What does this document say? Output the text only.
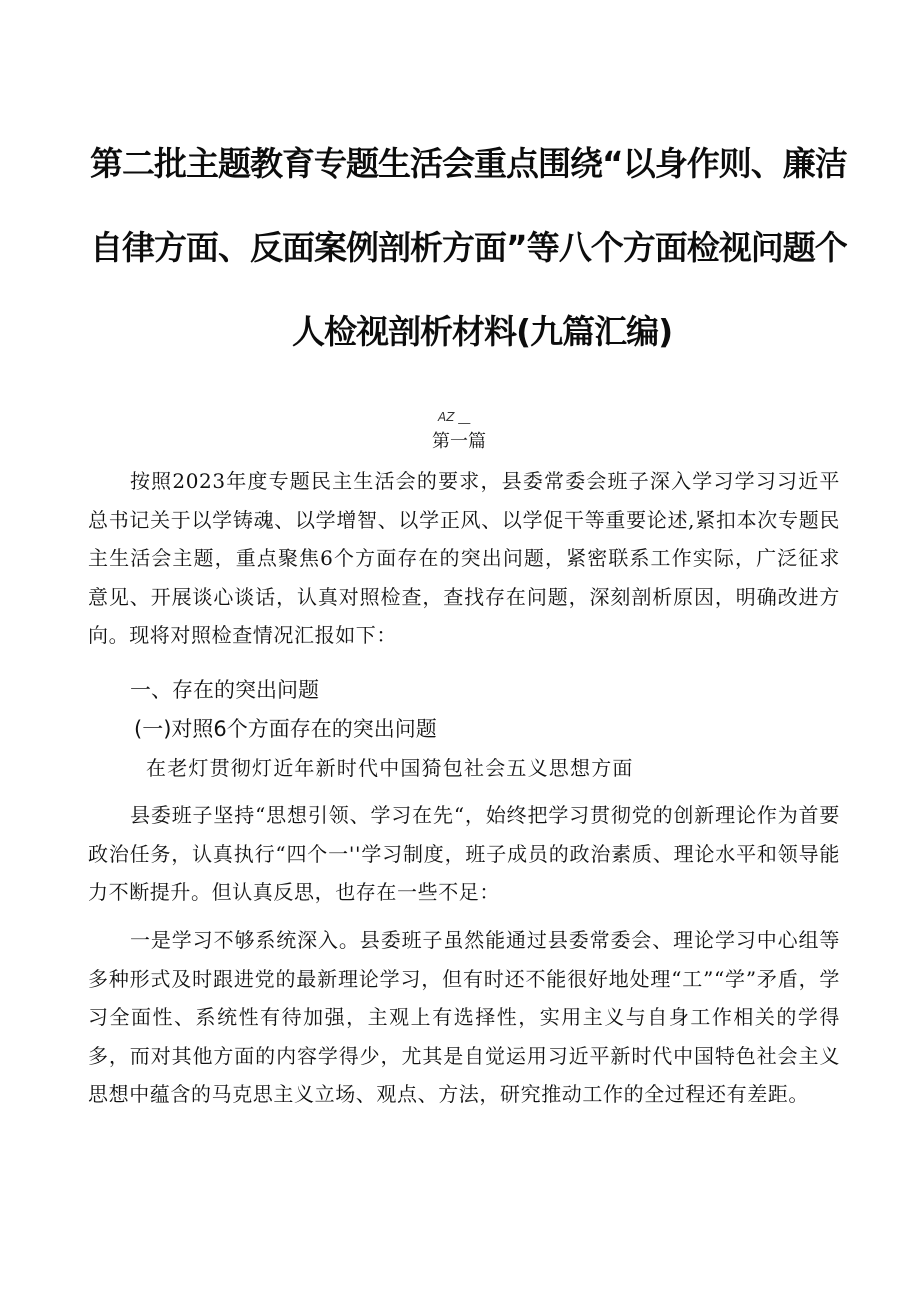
第二批主题教育专题生活会重点围绕“以身作则、廉洁
自律方面、反面案例剖析方面”等八个方面检视问题个
人检视剖析材料(九篇汇编)
AZ __
第一篇

按照2023年度专题民主生活会的要求，县委常委会班子深入学习学习习近平总书记关于以学铸魂、以学增智、以学正风、以学促干等重要论述,紧扣本次专题民主生活会主题，重点聚焦6个方面存在的突出问题，紧密联系工作实际，广泛征求意见、开展谈心谈话，认真对照检查，查找存在问题，深刻剖析原因，明确改进方向。现将对照检查情况汇报如下：

一、存在的突出问题
(一)对照6个方面存在的突出问题
在老灯贯彻灯近年新时代中国猗包社会五义思想方面

县委班子坚持“思想引领、学习在先“，始终把学习贯彻党的创新理论作为首要政治任务，认真执行“四个一''学习制度，班子成员的政治素质、理论水平和领导能力不断提升。但认真反思，也存在一些不足：

一是学习不够系统深入。县委班子虽然能通过县委常委会、理论学习中心组等多种形式及时跟进党的最新理论学习，但有时还不能很好地处理“工”“学”矛盾，学习全面性、系统性有待加强，主观上有选择性，实用主义与自身工作相关的学得多，而对其他方面的内容学得少，尤其是自觉运用习近平新时代中国特色社会主义思想中蕴含的马克思主义立场、观点、方法，研究推动工作的全过程还有差距。
